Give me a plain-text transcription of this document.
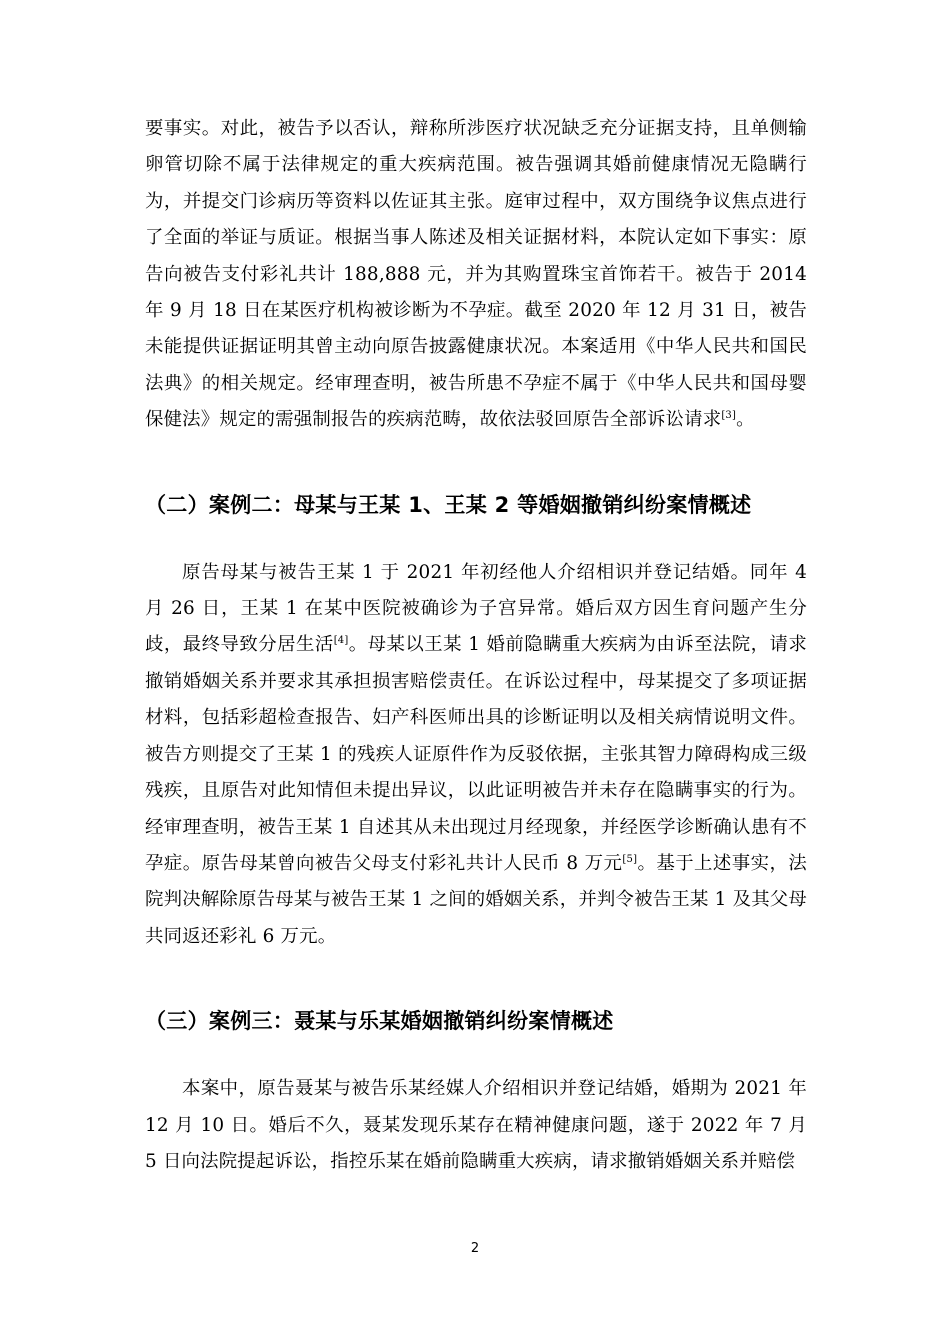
要事实。对此，被告予以否认，辩称所涉医疗状况缺乏充分证据支持，且单侧输卵管切除不属于法律规定的重大疾病范围。被告强调其婚前健康情况无隐瞒行为，并提交门诊病历等资料以佐证其主张。庭审过程中，双方围绕争议焦点进行了全面的举证与质证。根据当事人陈述及相关证据材料，本院认定如下事实：原告向被告支付彩礼共计 188,888 元，并为其购置珠宝首饰若干。被告于 2014 年 9 月 18 日在某医疗机构被诊断为不孕症。截至 2020 年 12 月 31 日，被告未能提供证据证明其曾主动向原告披露健康状况。本案适用《中华人民共和国民法典》的相关规定。经审理查明，被告所患不孕症不属于《中华人民共和国母婴保健法》规定的需强制报告的疾病范畴，故依法驳回原告全部诉讼请求[3]。

（二）案例二：母某与王某 1、王某 2 等婚姻撤销纠纷案情概述

原告母某与被告王某 1 于 2021 年初经他人介绍相识并登记结婚。同年 4 月 26 日，王某 1 在某中医院被确诊为子宫异常。婚后双方因生育问题产生分歧，最终导致分居生活[4]。母某以王某 1 婚前隐瞒重大疾病为由诉至法院，请求撤销婚姻关系并要求其承担损害赔偿责任。在诉讼过程中，母某提交了多项证据材料，包括彩超检查报告、妇产科医师出具的诊断证明以及相关病情说明文件。被告方则提交了王某 1 的残疾人证原件作为反驳依据，主张其智力障碍构成三级残疾，且原告对此知情但未提出异议，以此证明被告并未存在隐瞒事实的行为。经审理查明，被告王某 1 自述其从未出现过月经现象，并经医学诊断确认患有不孕症。原告母某曾向被告父母支付彩礼共计人民币 8 万元[5]。基于上述事实，法院判决解除原告母某与被告王某 1 之间的婚姻关系，并判令被告王某 1 及其父母共同返还彩礼 6 万元。

（三）案例三：聂某与乐某婚姻撤销纠纷案情概述

本案中，原告聂某与被告乐某经媒人介绍相识并登记结婚，婚期为 2021 年 12 月 10 日。婚后不久，聂某发现乐某存在精神健康问题，遂于 2022 年 7 月 5 日向法院提起诉讼，指控乐某在婚前隐瞒重大疾病，请求撤销婚姻关系并赔偿

2
